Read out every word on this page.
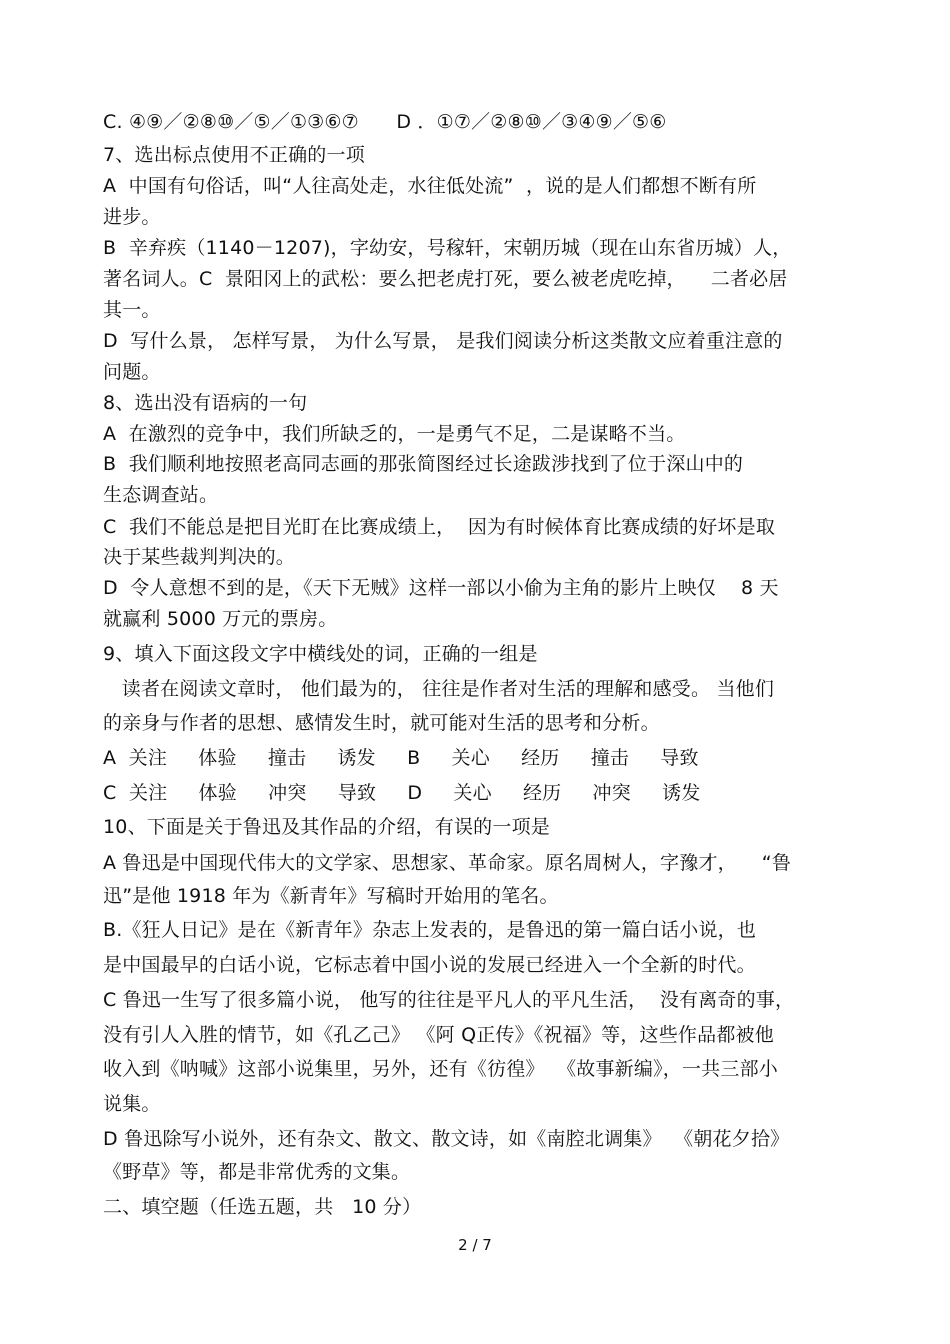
C. ④⑨／②⑧⑩／⑤／①③⑥⑦      D ．①⑦／②⑧⑩／③④⑨／⑤⑥
7、选出标点使用不正确的一项
A  中国有句俗话，叫“人往高处走，水往低处流”  ，说的是人们都想不断有所
进步。
B  辛弃疾（1140－1207)，字幼安，号稼轩，宋朝历城（现在山东省历城）人，
著名词人。C  景阳冈上的武松：要么把老虎打死，要么被老虎吃掉，    二者必居
其一。
D  写什么景， 怎样写景， 为什么写景， 是我们阅读分析这类散文应着重注意的
问题。
8、选出没有语病的一句
A  在激烈的竞争中，我们所缺乏的，一是勇气不足，二是谋略不当。
B  我们顺利地按照老高同志画的那张简图经过长途跋涉找到了位于深山中的
生态调查站。
C  我们不能总是把目光盯在比赛成绩上，  因为有时候体育比赛成绩的好坏是取
决于某些裁判判决的。
D  令人意想不到的是，《天下无贼》这样一部以小偷为主角的影片上映仅    8 天
就赢利 5000 万元的票房。
9、填入下面这段文字中横线处的词，正确的一组是
读者在阅读文章时， 他们最为的， 往往是作者对生活的理解和感受。 当他们
的亲身与作者的思想、感情发生时，就可能对生活的思考和分析。
A  关注     体验     撞击     诱发     B     关心     经历     撞击     导致
C  关注     体验     冲突     导致     D     关心     经历     冲突     诱发
10、下面是关于鲁迅及其作品的介绍，有误的一项是
A 鲁迅是中国现代伟大的文学家、思想家、革命家。原名周树人，字豫才，    “鲁
迅”是他 1918 年为《新青年》写稿时开始用的笔名。
B.《狂人日记》是在《新青年》杂志上发表的，是鲁迅的第一篇白话小说，也
是中国最早的白话小说，它标志着中国小说的发展已经进入一个全新的时代。
C 鲁迅一生写了很多篇小说， 他写的往往是平凡人的平凡生活，  没有离奇的事，
没有引人入胜的情节，如《孔乙己》 《阿 Q正传》《祝福》等，这些作品都被他
收入到《呐喊》这部小说集里，另外，还有《彷徨》  《故事新编》，一共三部小
说集。
D 鲁迅除写小说外，还有杂文、散文、散文诗，如《南腔北调集》  《朝花夕拾》
《野草》等，都是非常优秀的文集。
二、填空题（任选五题，共   10 分）
2 / 7
